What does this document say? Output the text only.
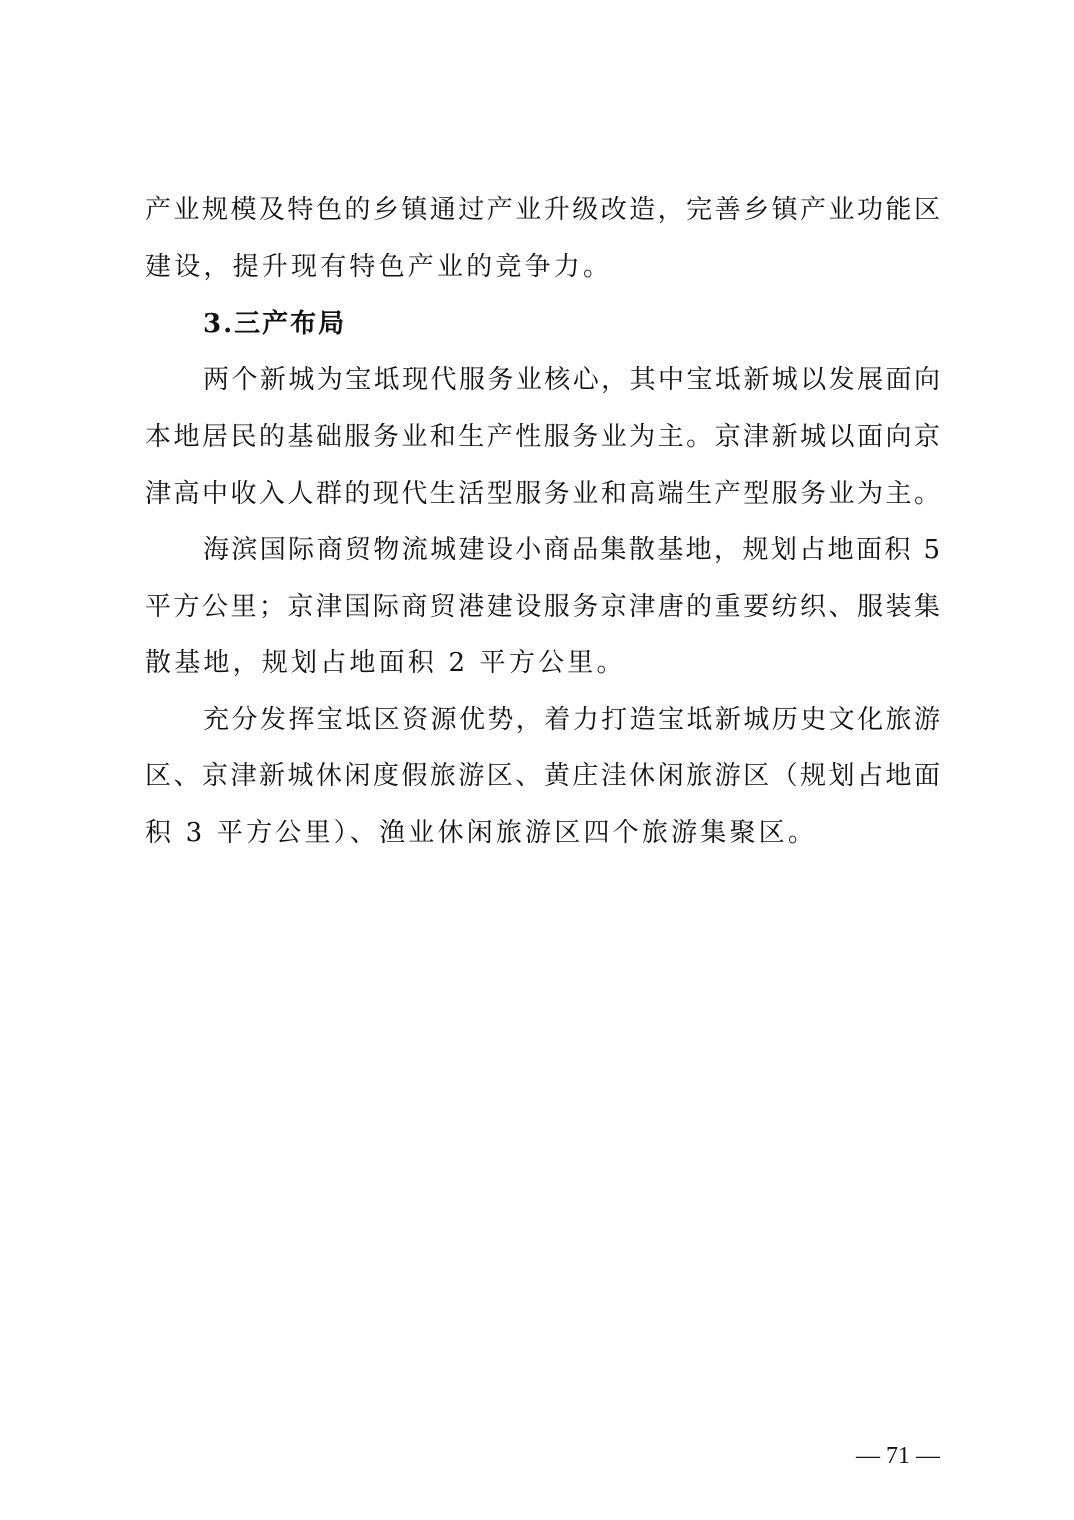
产业规模及特色的乡镇通过产业升级改造，完善乡镇产业功能区
建设，提升现有特色产业的竞争力。
3.三产布局
两个新城为宝坻现代服务业核心，其中宝坻新城以发展面向
本地居民的基础服务业和生产性服务业为主。京津新城以面向京
津高中收入人群的现代生活型服务业和高端生产型服务业为主。
海滨国际商贸物流城建设小商品集散基地，规划占地面积 5
平方公里；京津国际商贸港建设服务京津唐的重要纺织、服装集
散基地，规划占地面积 2 平方公里。
充分发挥宝坻区资源优势，着力打造宝坻新城历史文化旅游
区、京津新城休闲度假旅游区、黄庄洼休闲旅游区（规划占地面
积 3 平方公里）、渔业休闲旅游区四个旅游集聚区。
— 71 —
